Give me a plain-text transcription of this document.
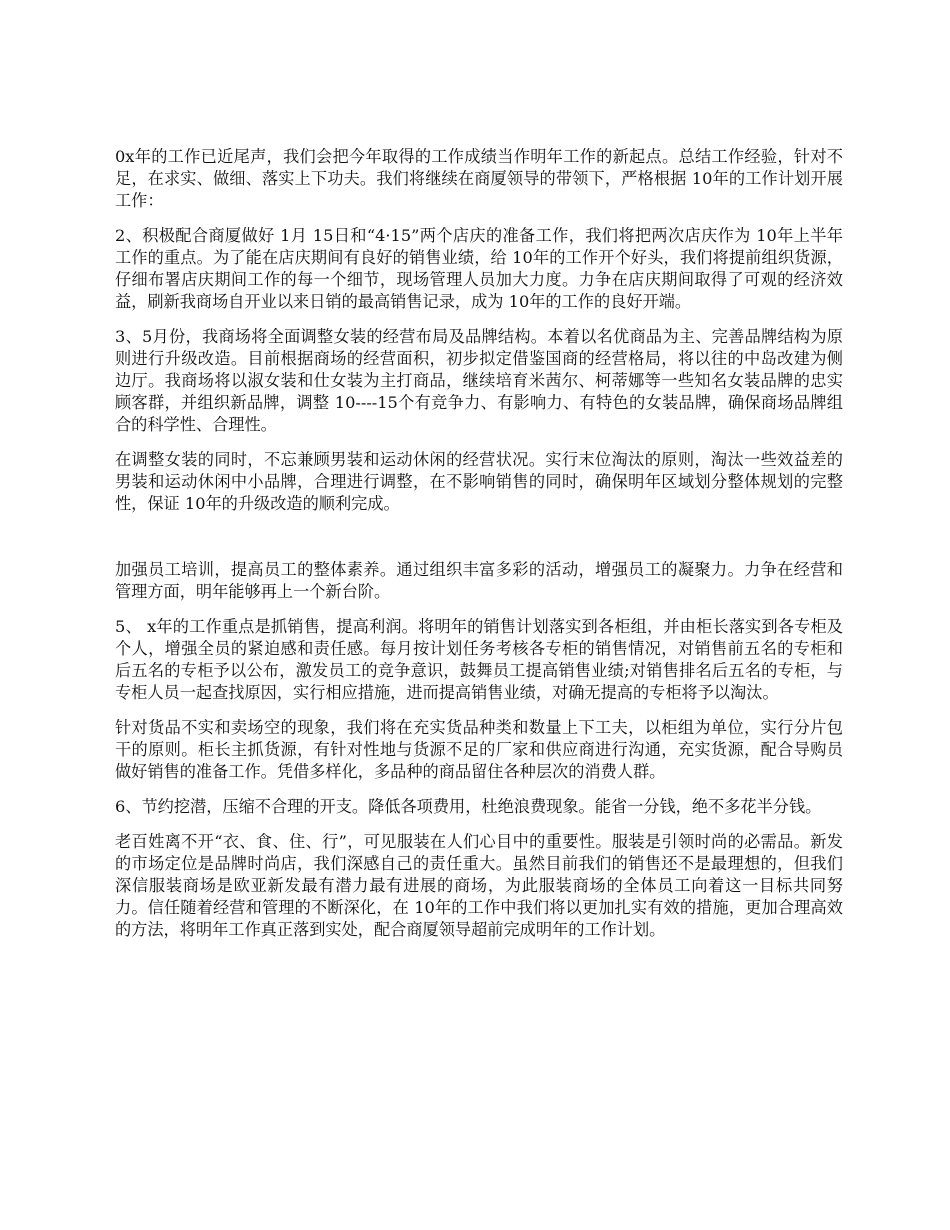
0x年的工作已近尾声，我们会把今年取得的工作成绩当作明年工作的新起点。总结工作经验，针对不足，在求实、做细、落实上下功夫。我们将继续在商厦领导的带领下，严格根据 10年的工作计划开展工作：

2、积极配合商厦做好 1月 15日和“4·15”两个店庆的准备工作，我们将把两次店庆作为 10年上半年工作的重点。为了能在店庆期间有良好的销售业绩，给 10年的工作开个好头，我们将提前组织货源，仔细布署店庆期间工作的每一个细节，现场管理人员加大力度。力争在店庆期间取得了可观的经济效益，刷新我商场自开业以来日销的最高销售记录，成为 10年的工作的良好开端。

3、5月份，我商场将全面调整女装的经营布局及品牌结构。本着以名优商品为主、完善品牌结构为原则进行升级改造。目前根据商场的经营面积，初步拟定借鉴国商的经营格局，将以往的中岛改建为侧边厅。我商场将以淑女装和仕女装为主打商品，继续培育米茜尔、柯蒂娜等一些知名女装品牌的忠实顾客群，并组织新品牌，调整 10----15个有竞争力、有影响力、有特色的女装品牌，确保商场品牌组合的科学性、合理性。

在调整女装的同时，不忘兼顾男装和运动休闲的经营状况。实行末位淘汰的原则，淘汰一些效益差的男装和运动休闲中小品牌，合理进行调整，在不影响销售的同时，确保明年区域划分整体规划的完整性，保证 10年的升级改造的顺利完成。

加强员工培训，提高员工的整体素养。通过组织丰富多彩的活动，增强员工的凝聚力。力争在经营和管理方面，明年能够再上一个新台阶。

5、 x年的工作重点是抓销售，提高利润。将明年的销售计划落实到各柜组，并由柜长落实到各专柜及个人，增强全员的紧迫感和责任感。每月按计划任务考核各专柜的销售情况，对销售前五名的专柜和后五名的专柜予以公布，激发员工的竞争意识，鼓舞员工提高销售业绩;对销售排名后五名的专柜，与专柜人员一起查找原因，实行相应措施，进而提高销售业绩，对确无提高的专柜将予以淘汰。

针对货品不实和卖场空的现象，我们将在充实货品种类和数量上下工夫，以柜组为单位，实行分片包干的原则。柜长主抓货源，有针对性地与货源不足的厂家和供应商进行沟通，充实货源，配合导购员做好销售的准备工作。凭借多样化，多品种的商品留住各种层次的消费人群。

6、节约挖潜，压缩不合理的开支。降低各项费用，杜绝浪费现象。能省一分钱，绝不多花半分钱。

老百姓离不开“衣、食、住、行”，可见服装在人们心目中的重要性。服装是引领时尚的必需品。新发的市场定位是品牌时尚店，我们深感自己的责任重大。虽然目前我们的销售还不是最理想的，但我们深信服装商场是欧亚新发最有潜力最有进展的商场，为此服装商场的全体员工向着这一目标共同努力。信任随着经营和管理的不断深化，在 10年的工作中我们将以更加扎实有效的措施，更加合理高效的方法，将明年工作真正落到实处，配合商厦领导超前完成明年的工作计划。
